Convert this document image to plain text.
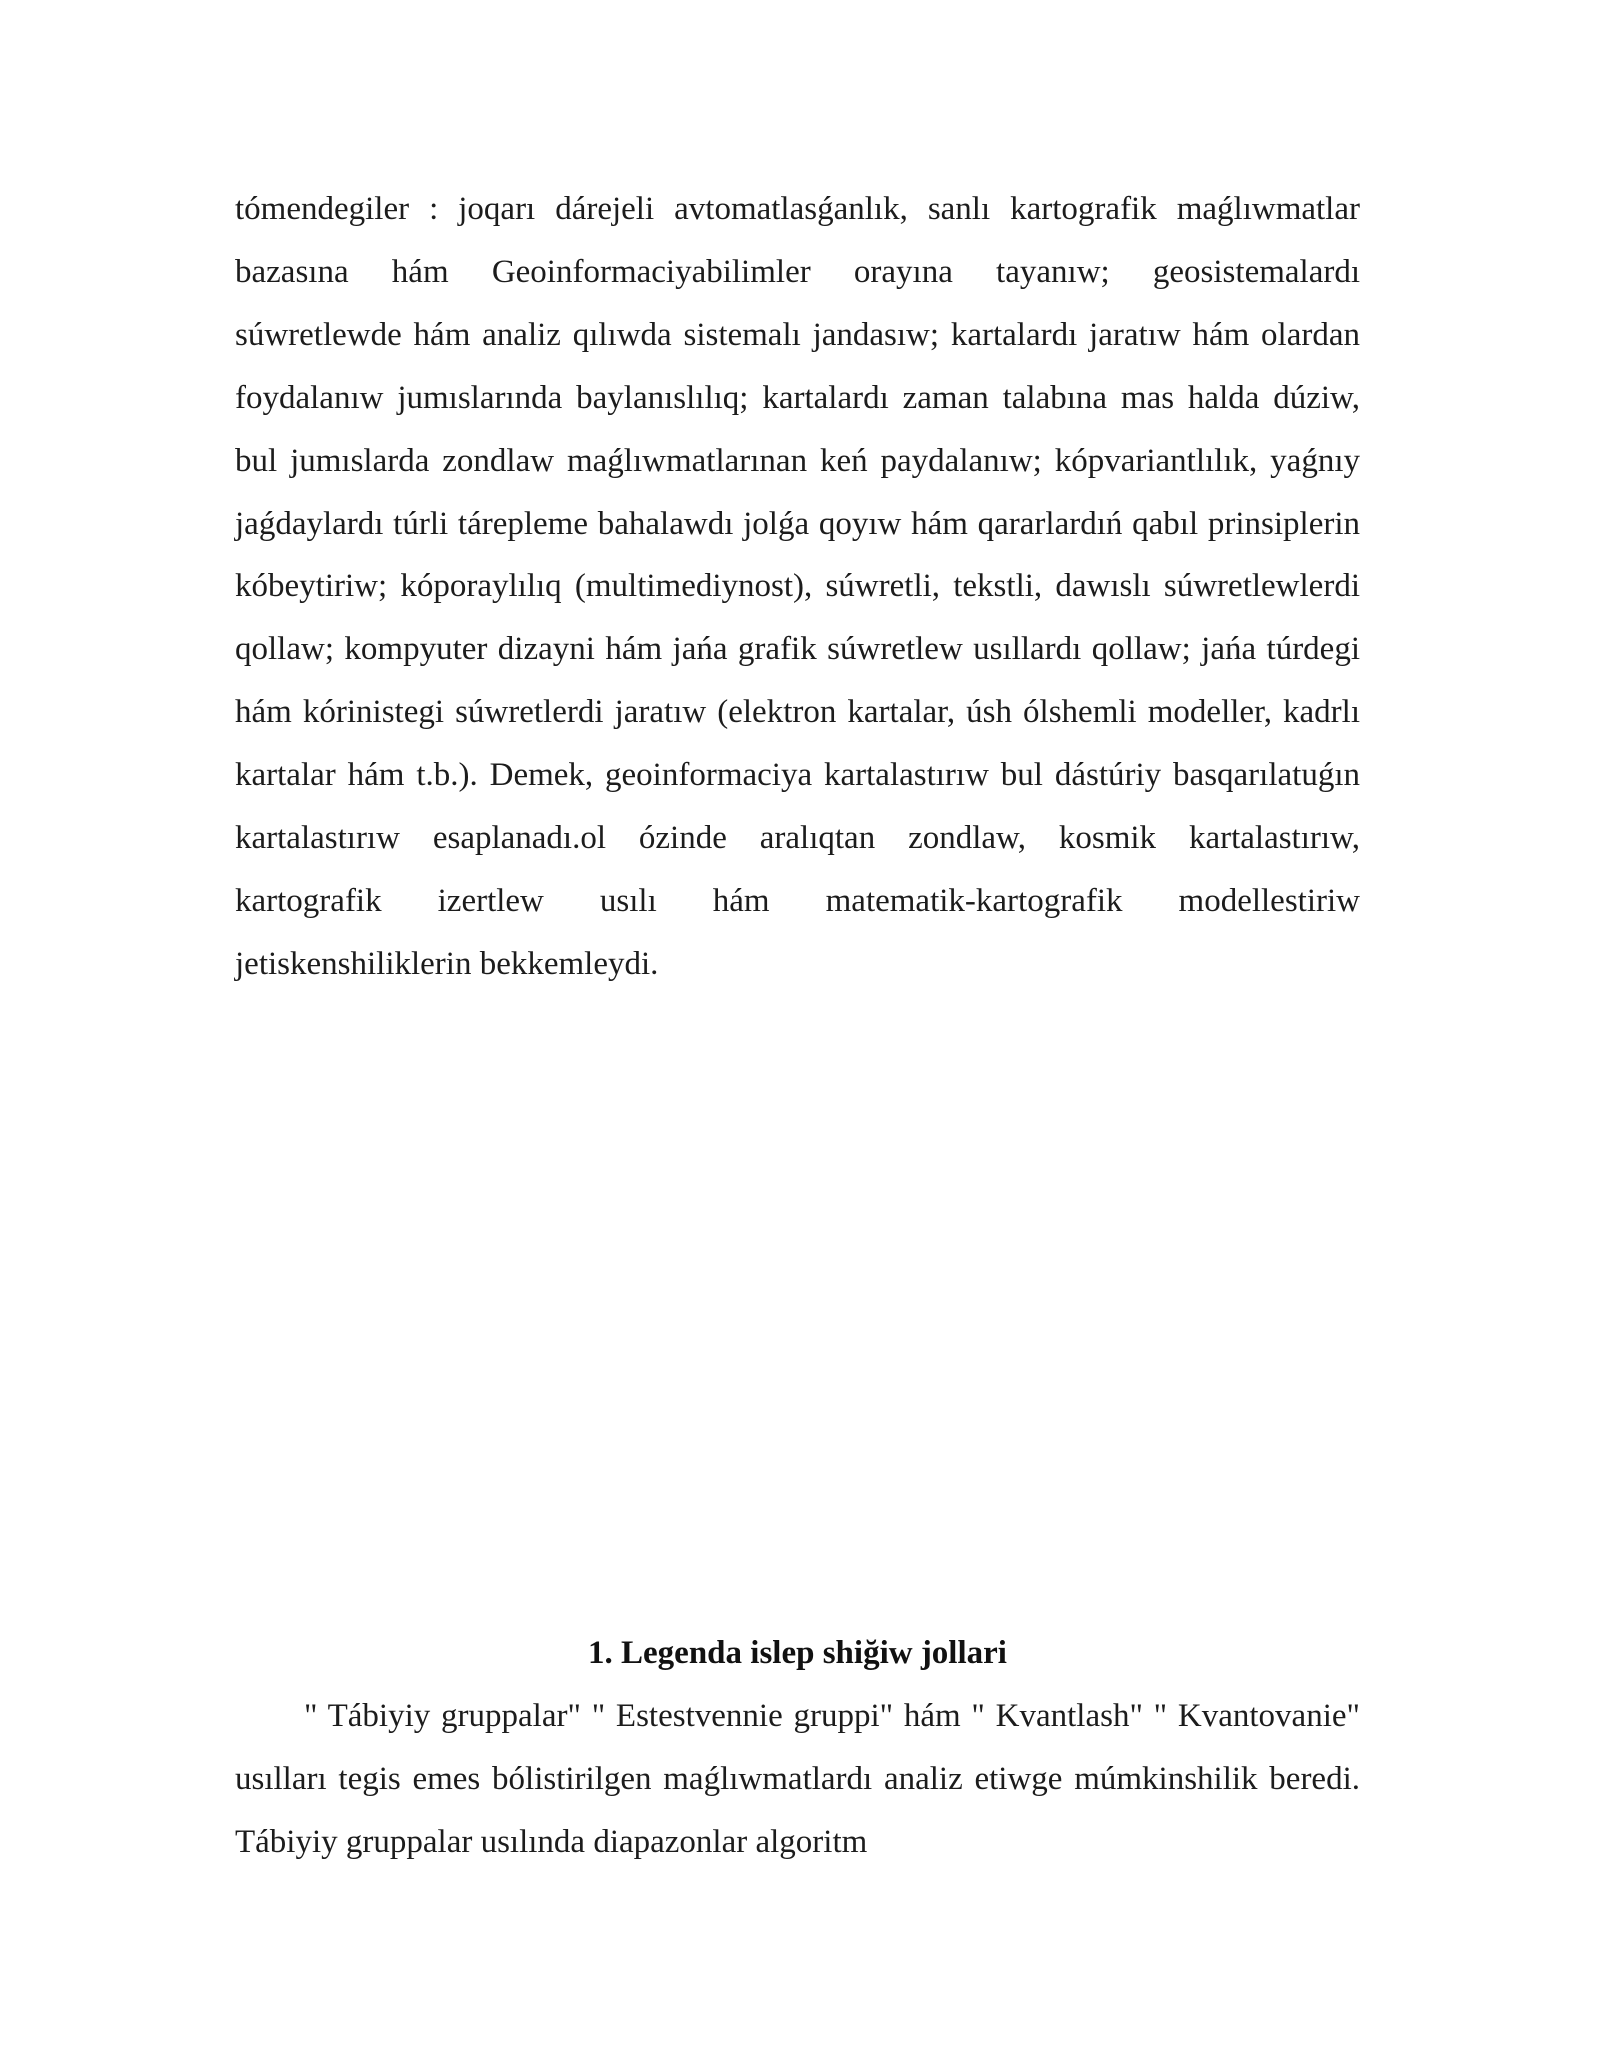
tómendegiler : joqarı dárejeli avtomatlasǵanlık, sanlı kartografik maǵlıwmatlar bazasına hám Geoinformaciyabilimler orayına tayanıw; geosistemalardı súwretlewde hám analiz qılıwda sistemalı jandasıw; kartalardı jaratıw hám olardan foydalanıw jumıslarında baylanıslılıq; kartalardı zaman talabına mas halda dúziw, bul jumıslarda zondlaw maǵlıwmatlarınan keń paydalanıw; kópvariantlılık, yaǵnıy jaǵdaylardı túrli tárepleme bahalawdı jolǵa qoyıw hám qararlardıń qabıl prinsiplerin kóbeytiriw; kóporaylılıq (multimediynost), súwretli, tekstli, dawıslı súwretlewlerdi qollaw; kompyuter dizayni hám jańa grafik súwretlew usıllardı qollaw; jańa túrdegi hám kórinistegi súwretlerdi jaratıw (elektron kartalar, úsh ólshemli modeller, kadrlı kartalar hám t.b.). Demek, geoinformaciya kartalastırıw bul dástúriy basqarılatuǵın kartalastırıw esaplanadı.ol ózinde aralıqtan zondlaw, kosmik kartalastırıw, kartografik izertlew usılı hám matematik-kartografik modellestiriw jetiskenshiliklerin bekkemleydi.

1. Legenda islep shiğiw jollari

" Tábiyiy gruppalar" " Estestvennie gruppi" hám " Kvantlash" " Kvantovanie" usılları tegis emes bólistirilgen maǵlıwmatlardı analiz etiwge múmkinshilik beredi. Tábiyiy gruppalar usılında diapazonlar algoritm
